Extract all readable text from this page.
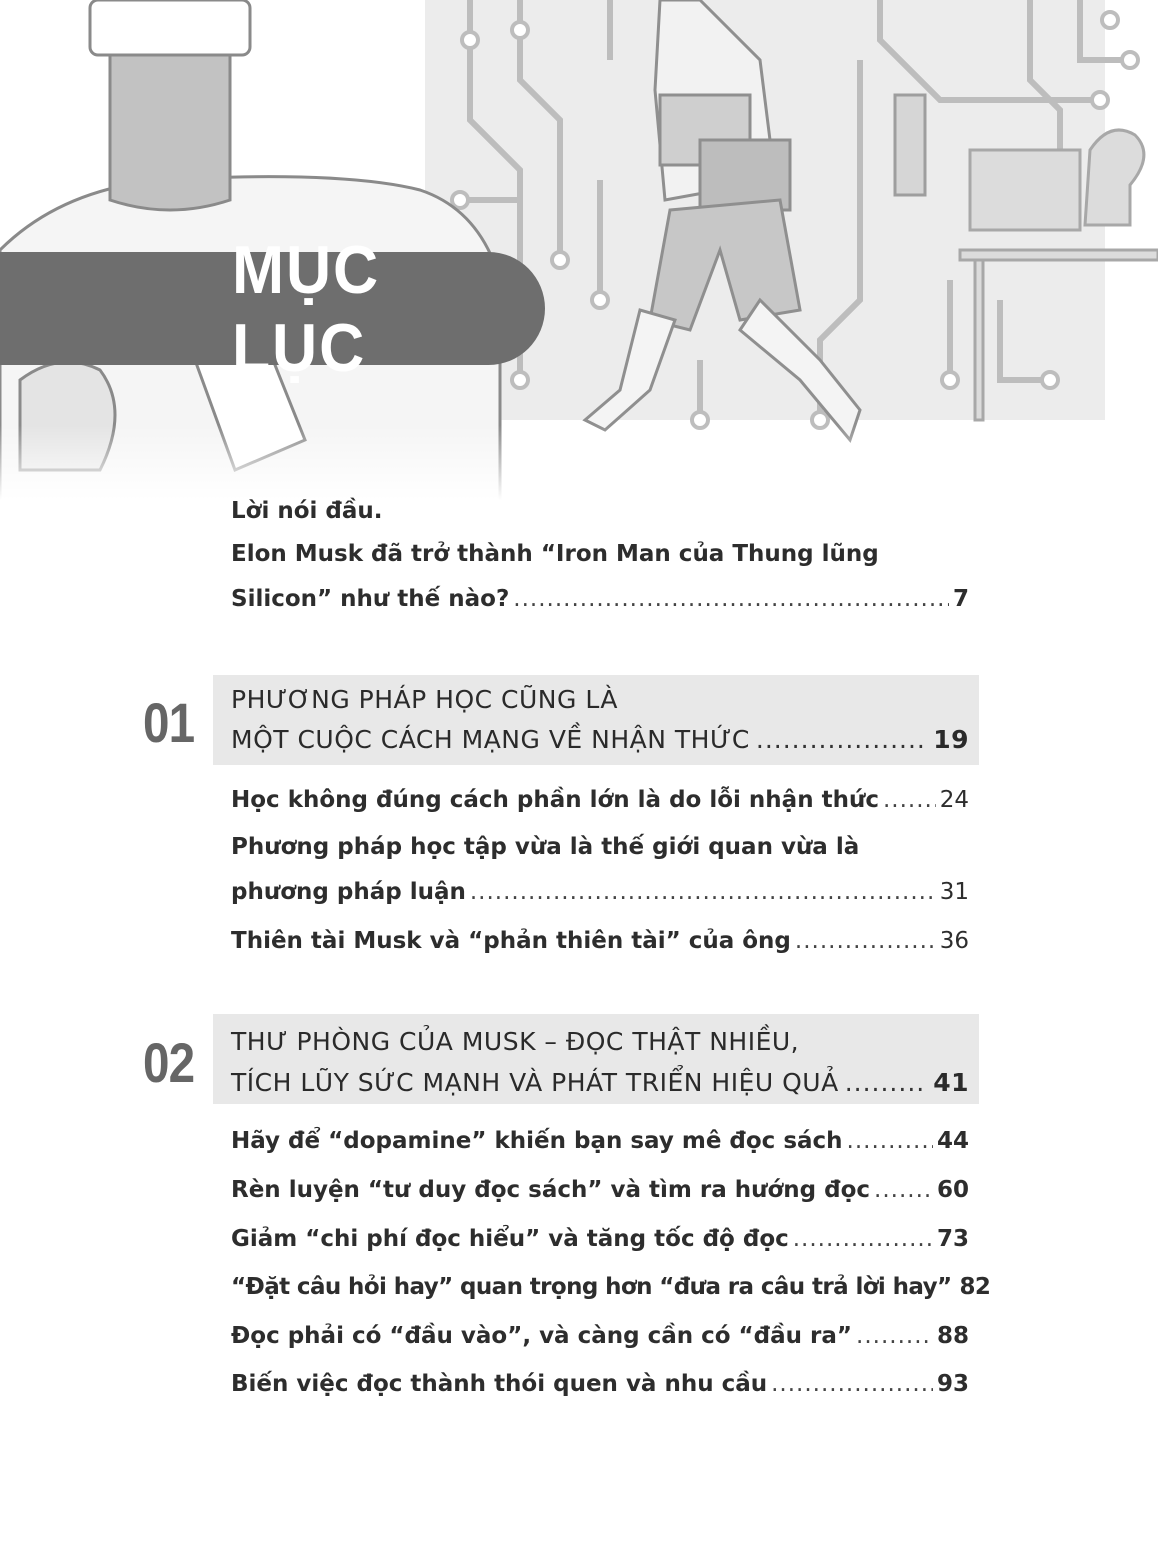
MỤC LỤC
Lời nói đầu.
Elon Musk đã trở thành “Iron Man của Thung lũng
Silicon” như thế nào? .....	7
01 PHƯƠNG PHÁP HỌC CŨNG LÀ
MỘT CUỘC CÁCH MẠNG VỀ NHẬN THỨC .....	19
Học không đúng cách phần lớn là do lỗi nhận thức .....	24
Phương pháp học tập vừa là thế giới quan vừa là
phương pháp luận .....	31
Thiên tài Musk và “phản thiên tài” của ông .....	36
02 THƯ PHÒNG CỦA MUSK – ĐỌC THẬT NHIỀU,
TÍCH LŨY SỨC MẠNH VÀ PHÁT TRIỂN HIỆU QUẢ .....	41
Hãy để “dopamine” khiến bạn say mê đọc sách .....	44
Rèn luyện “tư duy đọc sách” và tìm ra hướng đọc .....	60
Giảm “chi phí đọc hiểu” và tăng tốc độ đọc .....	73
“Đặt câu hỏi hay” quan trọng hơn “đưa ra câu trả lời hay” 82
Đọc phải có “đầu vào”, và càng cần có “đầu ra” .....	88
Biến việc đọc thành thói quen và nhu cầu .....	93
